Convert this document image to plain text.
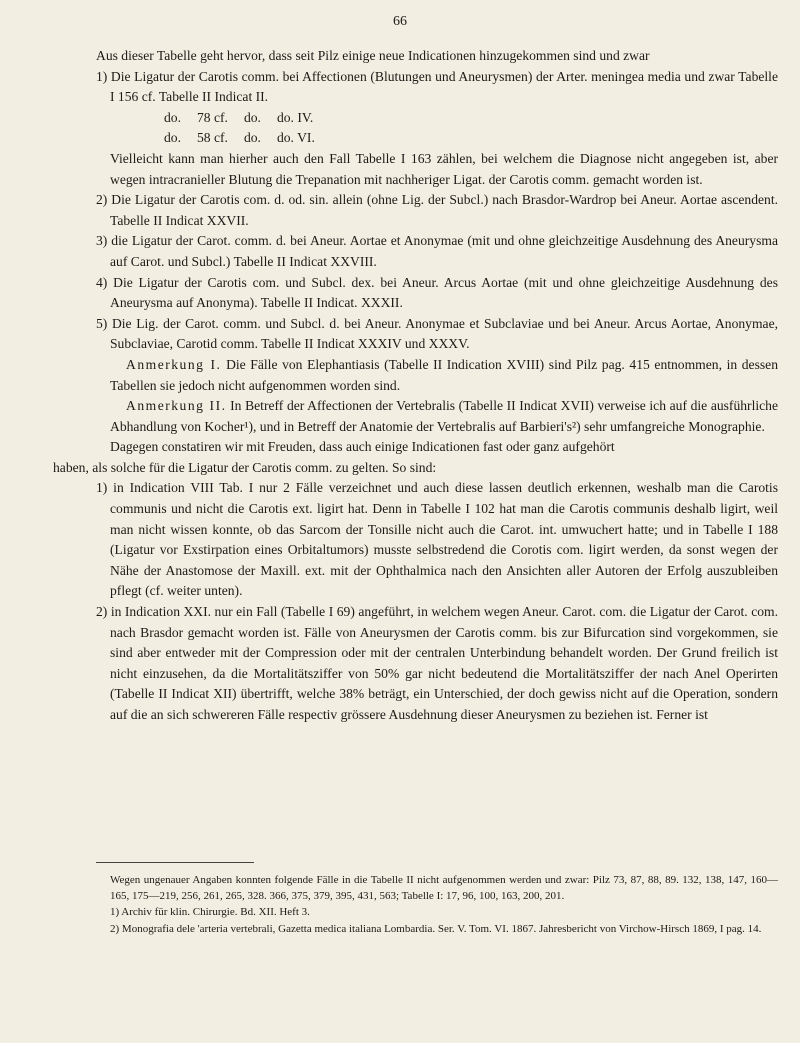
66

Aus dieser Tabelle geht hervor, dass seit Pilz einige neue Indicationen hinzugekommen sind und zwar

1) Die Ligatur der Carotis comm. bei Affectionen (Blutungen und Aneurysmen) der Arter. meningea media und zwar Tabelle I 156 cf. Tabelle II Indicat II.

do.	78 cf.	do.	do. IV.
do.	58 cf.	do.	do. VI.

Vielleicht kann man hierher auch den Fall Tabelle I 163 zählen, bei welchem die Diagnose nicht angegeben ist, aber wegen intracranieller Blutung die Trepanation mit nachheriger Ligat. der Carotis comm. gemacht worden ist.

2) Die Ligatur der Carotis com. d. od. sin. allein (ohne Lig. der Subcl.) nach Brasdor-Wardrop bei Aneur. Aortae ascendent. Tabelle II Indicat XXVII.

3) die Ligatur der Carot. comm. d. bei Aneur. Aortae et Anonymae (mit und ohne gleichzeitige Ausdehnung des Aneurysma auf Carot. und Subcl.) Tabelle II Indicat XXVIII.

4) Die Ligatur der Carotis com. und Subcl. dex. bei Aneur. Arcus Aortae (mit und ohne gleichzeitige Ausdehnung des Aneurysma auf Anonyma). Tabelle II Indicat. XXXII.

5) Die Lig. der Carot. comm. und Subcl. d. bei Aneur. Anonymae et Subclaviae und bei Aneur. Arcus Aortae, Anonymae, Subclaviae, Carotid comm. Tabelle II Indicat XXXIV und XXXV.

Anmerkung I. Die Fälle von Elephantiasis (Tabelle II Indication XVIII) sind Pilz pag. 415 entnommen, in dessen Tabellen sie jedoch nicht aufgenommen worden sind.

Anmerkung II. In Betreff der Affectionen der Vertebralis (Tabelle II Indicat XVII) verweise ich auf die ausführliche Abhandlung von Kocher¹), und in Betreff der Anatomie der Vertebralis auf Barbieri's²) sehr umfangreiche Monographie.

Dagegen constatiren wir mit Freuden, dass auch einige Indicationen fast oder ganz aufgehört

haben, als solche für die Ligatur der Carotis comm. zu gelten. So sind:

1) in Indication VIII Tab. I nur 2 Fälle verzeichnet und auch diese lassen deutlich erkennen, weshalb man die Carotis communis und nicht die Carotis ext. ligirt hat. Denn in Tabelle I 102 hat man die Carotis communis deshalb ligirt, weil man nicht wissen konnte, ob das Sarcom der Tonsille nicht auch die Carot. int. umwuchert hatte; und in Tabelle I 188 (Ligatur vor Exstirpation eines Orbitaltumors) musste selbstredend die Corotis com. ligirt werden, da sonst wegen der Nähe der Anastomose der Maxill. ext. mit der Ophthalmica nach den Ansichten aller Autoren der Erfolg auszubleiben pflegt (cf. weiter unten).

2) in Indication XXI. nur ein Fall (Tabelle I 69) angeführt, in welchem wegen Aneur. Carot. com. die Ligatur der Carot. com. nach Brasdor gemacht worden ist. Fälle von Aneurysmen der Carotis comm. bis zur Bifurcation sind vorgekommen, sie sind aber entweder mit der Compression oder mit der centralen Unterbindung behandelt worden. Der Grund freilich ist nicht einzusehen, da die Mortalitätsziffer von 50% gar nicht bedeutend die Mortalitätsziffer der nach Anel Operirten (Tabelle II Indicat XII) übertrifft, welche 38% beträgt, ein Unterschied, der doch gewiss nicht auf die Operation, sondern auf die an sich schwereren Fälle respectiv grössere Ausdehnung dieser Aneurysmen zu beziehen ist. Ferner ist

Wegen ungenauer Angaben konnten folgende Fälle in die Tabelle II nicht aufgenommen werden und zwar: Pilz 73, 87, 88, 89. 132, 138, 147, 160—165, 175—219, 256, 261, 265, 328. 366, 375, 379, 395, 431, 563; Tabelle I: 17, 96, 100, 163, 200, 201.

1) Archiv für klin. Chirurgie. Bd. XII. Heft 3.

2) Monografia dele 'arteria vertebrali, Gazetta medica italiana Lombardia. Ser. V. Tom. VI. 1867. Jahresbericht von Virchow-Hirsch 1869, I pag. 14.
